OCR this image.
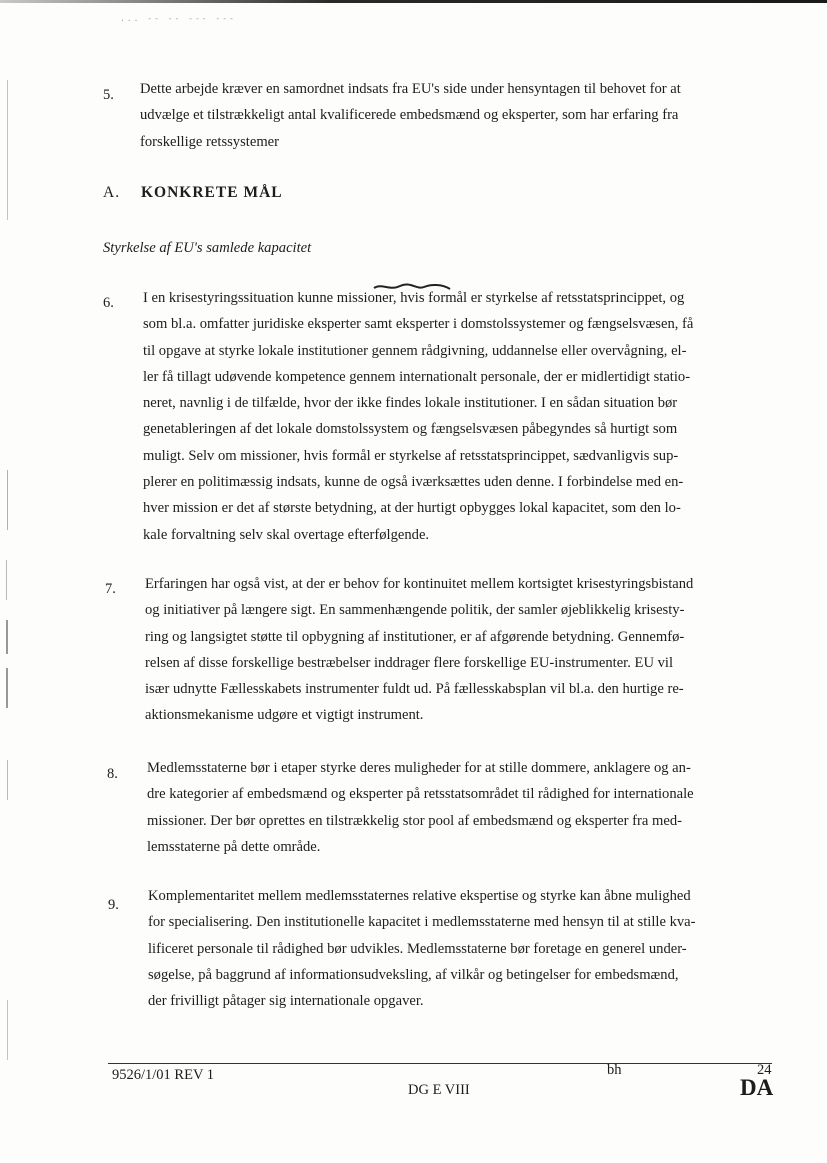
... -- -- --- ---
5. Dette arbejde kræver en samordnet indsats fra EU's side under hensyntagen til behovet for at
udvælge et tilstrækkeligt antal kvalificerede embedsmænd og eksperter, som har erfaring fra
forskellige retssystemer
A. KONKRETE MÅL
Styrkelse af EU's samlede kapacitet
6. I en krisestyringssituation kunne missioner, hvis formål er styrkelse af retsstatsprincippet, og
som bl.a. omfatter juridiske eksperter samt eksperter i domstolssystemer og fængselsvæsen, få
til opgave at styrke lokale institutioner gennem rådgivning, uddannelse eller overvågning, el-
ler få tillagt udøvende kompetence gennem internationalt personale, der er midlertidigt statio-
neret, navnlig i de tilfælde, hvor der ikke findes lokale institutioner. I en sådan situation bør
genetableringen af det lokale domstolssystem og fængselsvæsen påbegyndes så hurtigt som
muligt. Selv om missioner, hvis formål er styrkelse af retsstatsprincippet, sædvanligvis sup-
plerer en politimæssig indsats, kunne de også iværksættes uden denne. I forbindelse med en-
hver mission er det af største betydning, at der hurtigt opbygges lokal kapacitet, som den lo-
kale forvaltning selv skal overtage efterfølgende.
7. Erfaringen har også vist, at der er behov for kontinuitet mellem kortsigtet krisestyringsbistand
og initiativer på længere sigt. En sammenhængende politik, der samler øjeblikkelig krisesty-
ring og langsigtet støtte til opbygning af institutioner, er af afgørende betydning. Gennemfø-
relsen af disse forskellige bestræbelser inddrager flere forskellige EU-instrumenter. EU vil
især udnytte Fællesskabets instrumenter fuldt ud. På fællesskabsplan vil bl.a. den hurtige re-
aktionsmekanisme udgøre et vigtigt instrument.
8. Medlemsstaterne bør i etaper styrke deres muligheder for at stille dommere, anklagere og an-
dre kategorier af embedsmænd og eksperter på retsstatsområdet til rådighed for internationale
missioner. Der bør oprettes en tilstrækkelig stor pool af embedsmænd og eksperter fra med-
lemsstaterne på dette område.
9.
Komplementaritet mellem medlemsstaternes relative ekspertise og styrke kan åbne mulighed
for specialisering. Den institutionelle kapacitet i medlemsstaterne med hensyn til at stille kva-
lificeret personale til rådighed bør udvikles. Medlemsstaterne bør foretage en generel under-
søgelse, på baggrund af informationsudveksling, af vilkår og betingelser for embedsmænd,
der frivilligt påtager sig internationale opgaver.
9526/1/01 REV 1
DG E VIII
bh	24
DA
